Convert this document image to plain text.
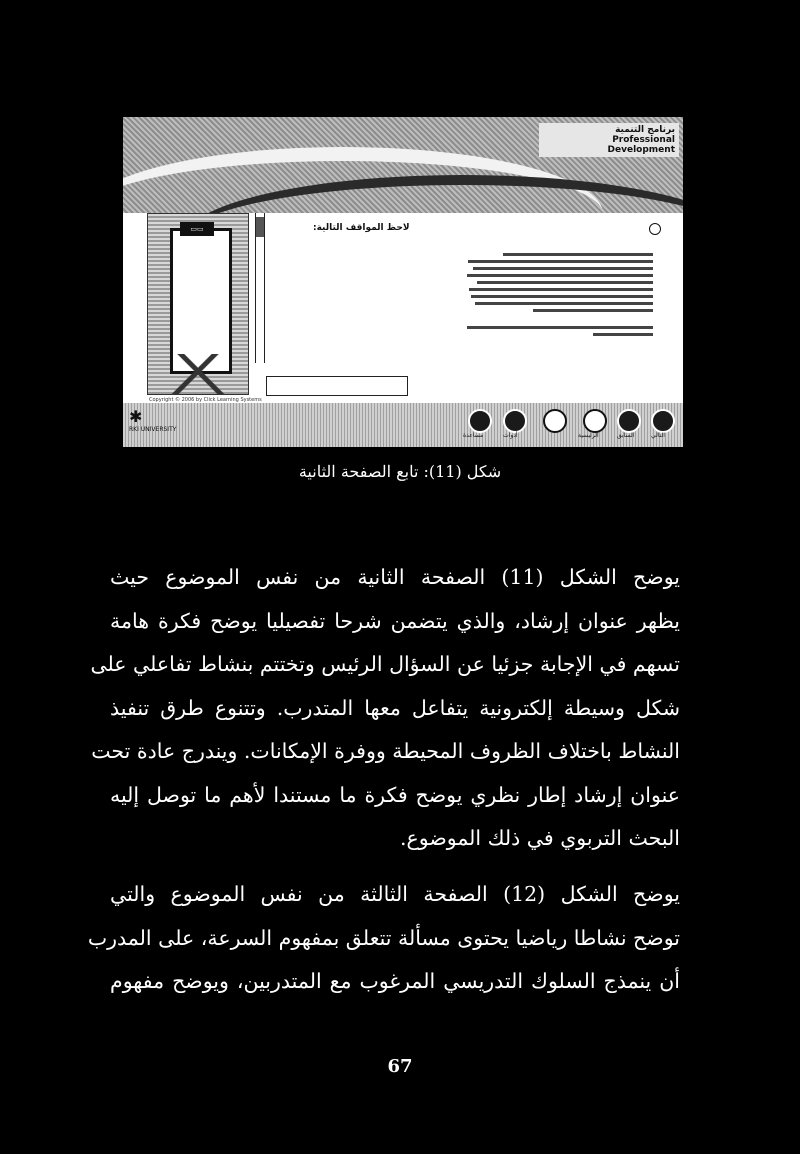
برنامج التنمية
Professional Development
▭▭	لاحظ المواقف التالية:
Copyright © 2006 by Click Learning Systems
✱
RKI UNIVERSITY
التالي
السابق
الرئيسية
أدوات
مساعدة
شكل (11): تابع الصفحة الثانية

يوضح الشكل (11) الصفحة الثانية من نفس الموضوع حيث
يظهر عنوان إرشاد، والذي يتضمن شرحا تفصيليا يوضح فكرة هامة
تسهم في الإجابة جزئيا عن السؤال الرئيس وتختتم بنشاط تفاعلي على
شكل وسيطة إلكترونية يتفاعل معها المتدرب. وتتنوع طرق تنفيذ
النشاط باختلاف الظروف المحيطة ووفرة الإمكانات. ويندرج عادة تحت
عنوان إرشاد إطار نظري يوضح فكرة ما مستندا لأهم ما توصل إليه
البحث التربوي في ذلك الموضوع.

يوضح الشكل (12) الصفحة الثالثة من نفس الموضوع والتي
توضح نشاطا رياضيا يحتوى مسألة تتعلق بمفهوم السرعة، على المدرب
أن ينمذج السلوك التدريسي المرغوب مع المتدربين، ويوضح مفهوم

67
